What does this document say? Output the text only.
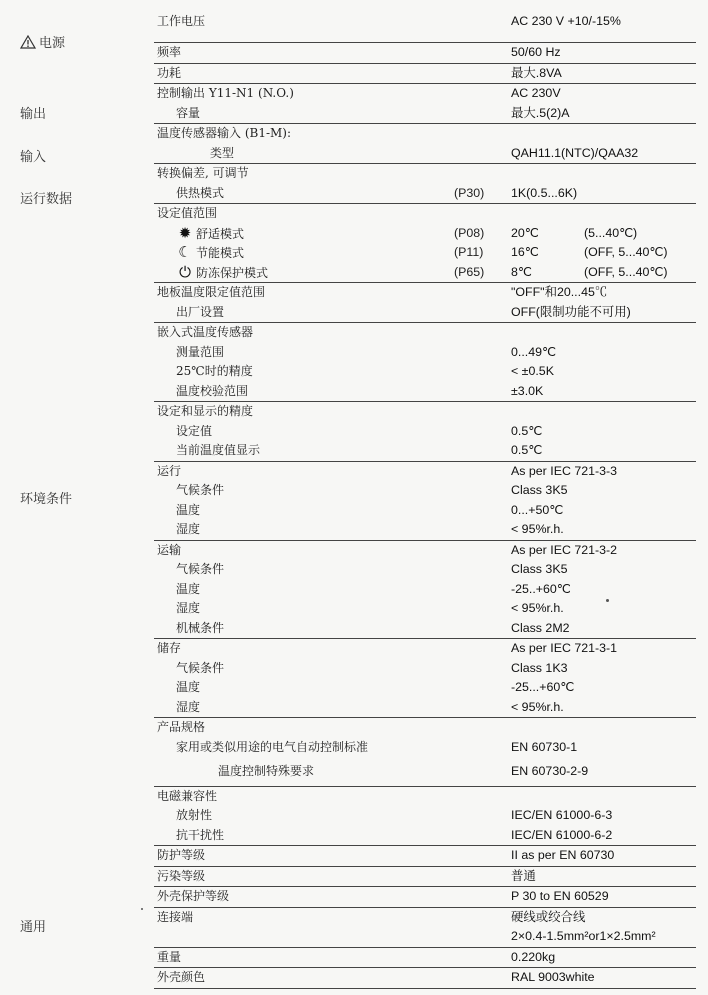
电源
输出
输入
运行数据
环境条件
通用
工作电压	AC 230 V +10/-15%
频率	50/60 Hz
功耗	最大.8VA
控制输出 Y11-N1 (N.O.)	AC 230V
容量	最大.5(2)A
温度传感器输入 (B1-M):
类型	QAH11.1(NTC)/QAA32
转换偏差, 可调节
供热模式	(P30) 1K(0.5...6K)
设定值范围
✹ 舒适模式	(P08) 20℃	(5...40℃)
☾ 节能模式	(P11) 16℃	(OFF, 5...40℃)
⏻ 防冻保护模式	(P65) 8℃	(OFF, 5...40℃)
地板温度限定值范围	"OFF"和20...45℃
出厂设置	OFF(限制功能不可用)
嵌入式温度传感器
测量范围	0...49℃
25℃时的精度	< ±0.5K
温度校验范围	±3.0K
设定和显示的精度
设定值	0.5℃
当前温度值显示	0.5℃
运行	As per IEC 721-3-3
气候条件	Class 3K5
温度	0...+50℃
湿度	< 95%r.h.
运输	As per IEC 721-3-2
气候条件	Class 3K5
温度	-25..+60℃
湿度	< 95%r.h.
机械条件	Class 2M2
储存	As per IEC 721-3-1
气候条件	Class 1K3
温度	-25...+60℃
湿度	< 95%r.h.
产品规格
家用或类似用途的电气自动控制标准	EN 60730-1
温度控制特殊要求	EN 60730-2-9
电磁兼容性
放射性	IEC/EN 61000-6-3
抗干扰性	IEC/EN 61000-6-2
防护等级	II as per EN 60730
污染等级	普通
外壳保护等级	P 30 to EN 60529
连接端	硬线或绞合线
2×0.4-1.5mm²or1×2.5mm²
重量	0.220kg
外壳颜色	RAL 9003white
